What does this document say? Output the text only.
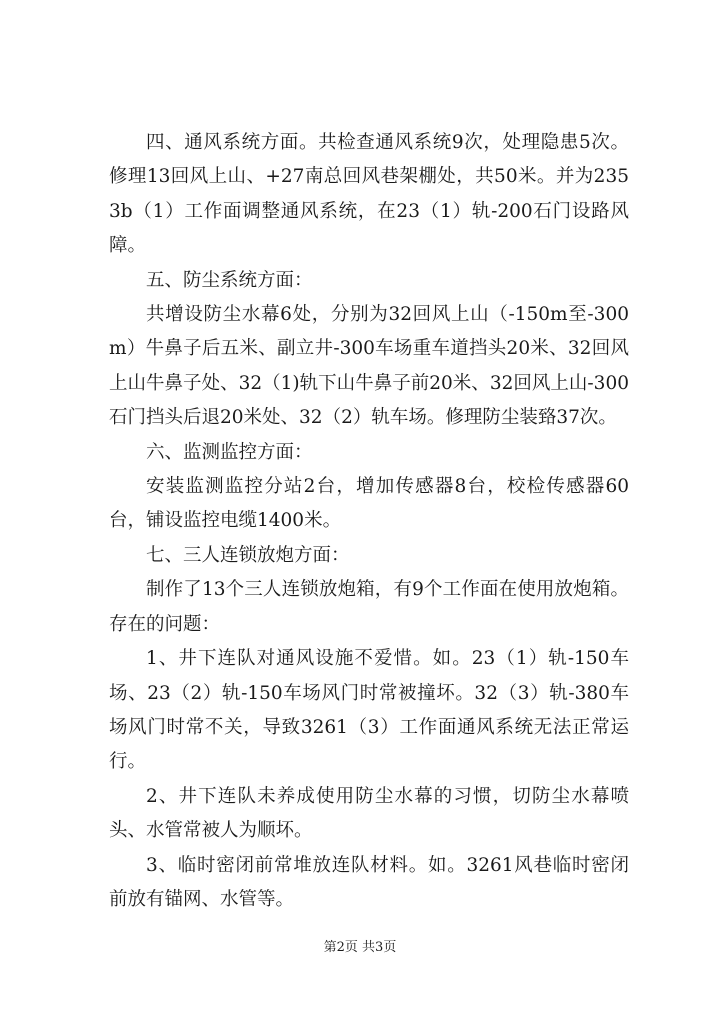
四、通风系统方面。共检查通风系统9次，处理隐患5次。修理13回风上山、+27南总回风巷架棚处，共50米。并为2353b（1）工作面调整通风系统，在23（1）轨-200石门设路风障。

五、防尘系统方面：

共增设防尘水幕6处，分别为32回风上山（-150m至-300m）牛鼻子后五米、副立井-300车场重车道挡头20米、32回风上山牛鼻子处、32（1)轨下山牛鼻子前20米、32回风上山-300石门挡头后退20米处、32（2）轨车场。修理防尘装臵37次。

六、监测监控方面：

安装监测监控分站2台，增加传感器8台，校检传感器60台，铺设监控电缆1400米。

七、三人连锁放炮方面：

制作了13个三人连锁放炮箱，有9个工作面在使用放炮箱。存在的问题：

1、井下连队对通风设施不爱惜。如。23（1）轨-150车场、23（2）轨-150车场风门时常被撞坏。32（3）轨-380车场风门时常不关，导致3261（3）工作面通风系统无法正常运行。

2、井下连队未养成使用防尘水幕的习惯，切防尘水幕喷头、水管常被人为顺坏。

3、临时密闭前常堆放连队材料。如。3261风巷临时密闭前放有锚网、水管等。

第2页 共3页
